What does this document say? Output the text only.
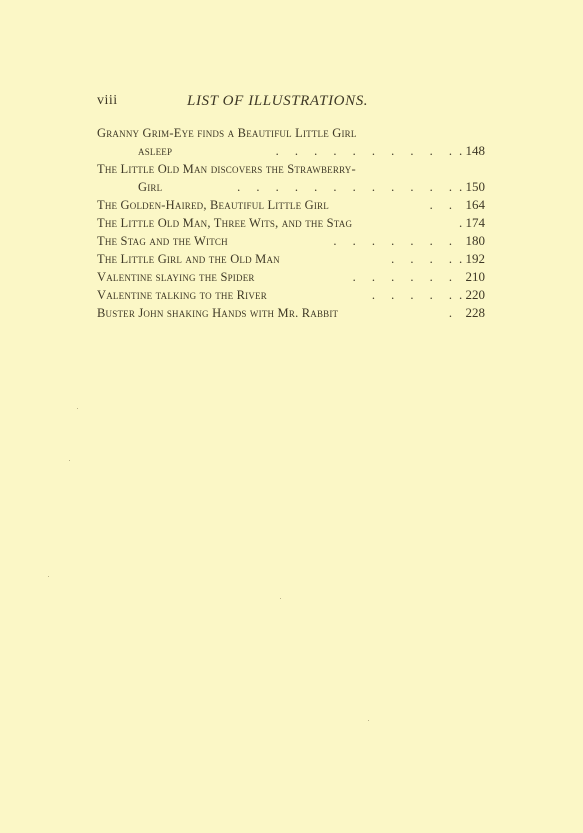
viii	LIST OF ILLUSTRATIONS.
Granny Grim-Eye finds a Beautiful Little Girl
asleep	. . . . . . . . . . . 148
The Little Old Man discovers the Strawberry-
Girl	. . . . . . . . . . . . . 150
The Golden-Haired, Beautiful Little Girl	. . 164
The Little Old Man, Three Wits, and the Stag	. 174
The Stag and the Witch	. . . . . . . 180
The Little Girl and the Old Man	. . . . . 192
Valentine slaying the Spider	. . . . . . 210
Valentine talking to the River	. . . . . . 220
Buster John shaking Hands with Mr. Rabbit	. 228
